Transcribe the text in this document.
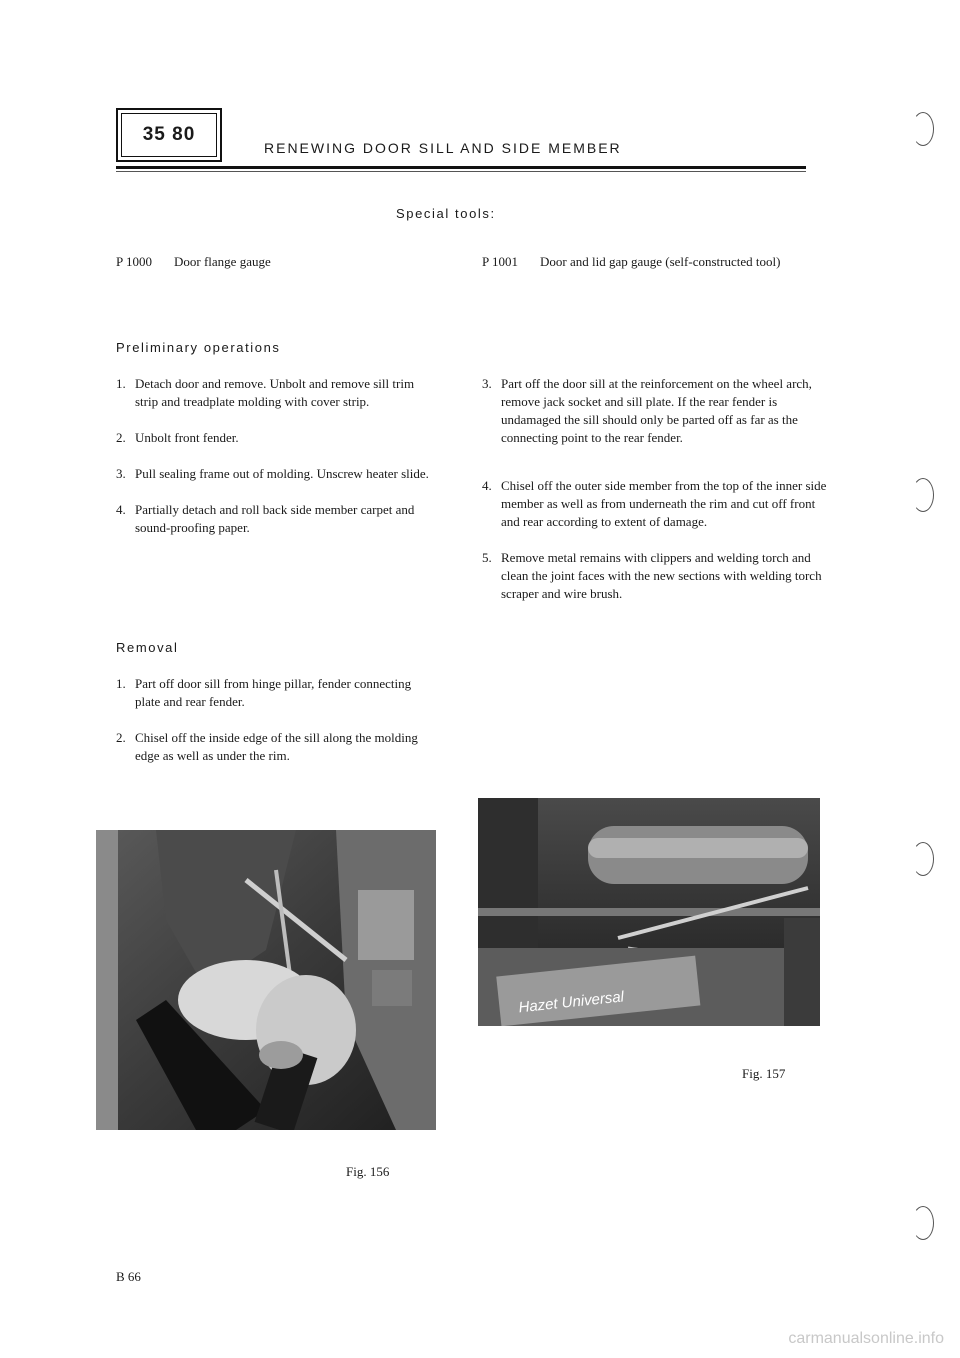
35 80
RENEWING DOOR SILL AND SIDE MEMBER
Special tools:
P 1000	Door flange gauge	P 1001	Door and lid gap gauge (self-constructed tool)
Preliminary operations
1. Detach door and remove. Unbolt and remove sill trim strip and treadplate molding with cover strip.
2. Unbolt front fender.
3. Pull sealing frame out of molding. Unscrew heater slide.
4. Partially detach and roll back side member carpet and sound-proofing paper.
Removal
1. Part off door sill from hinge pillar, fender connecting plate and rear fender.
2. Chisel off the inside edge of the sill along the molding edge as well as under the rim.
3. Part off the door sill at the reinforcement on the wheel arch, remove jack socket and sill plate. If the rear fender is undamaged the sill should only be parted off as far as the connecting point to the rear fender.
4. Chisel off the outer side member from the top of the inner side member as well as from underneath the rim and cut off front and rear according to extent of damage.
5. Remove metal remains with clippers and welding torch and clean the joint faces with the new sections with welding torch scraper and wire brush.
Fig. 156
Hazet Universal
Fig. 157
B 66
carmanualsonline.info
